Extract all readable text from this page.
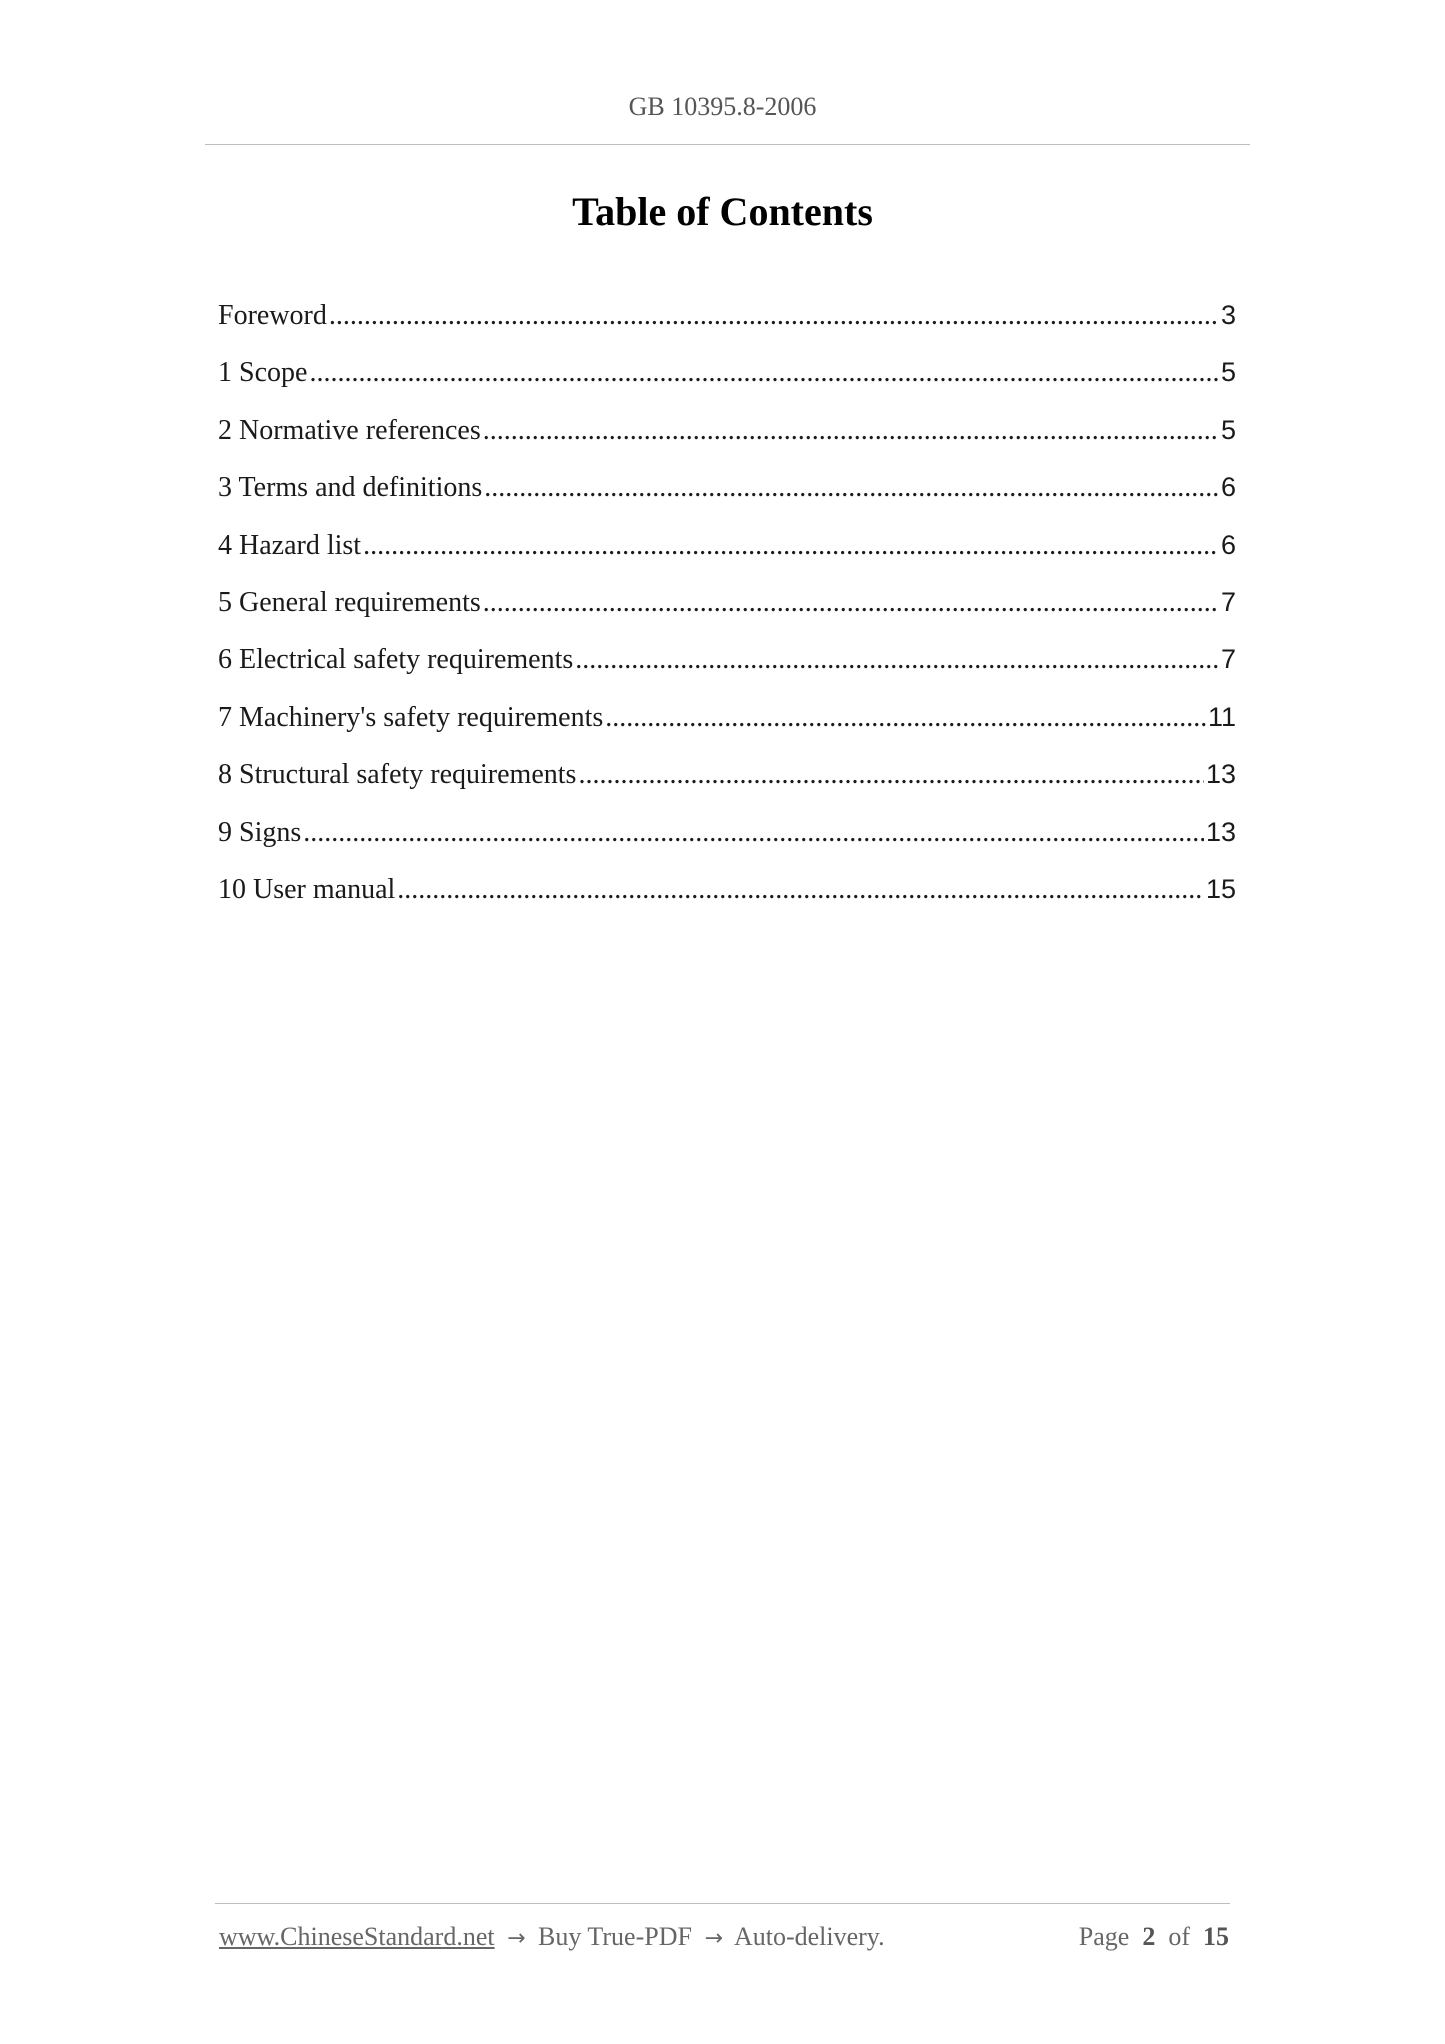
GB 10395.8-2006
Table of Contents
Foreword .....	3
1 Scope .....	5
2 Normative references .....	5
3 Terms and definitions .....	6
4 Hazard list .....	6
5 General requirements .....	7
6 Electrical safety requirements .....	7
7 Machinery's safety requirements .....	11
8 Structural safety requirements .....	13
9 Signs .....	13
10 User manual .....	15
www.ChineseStandard.net → Buy True-PDF → Auto-delivery.	Page 2 of 15
